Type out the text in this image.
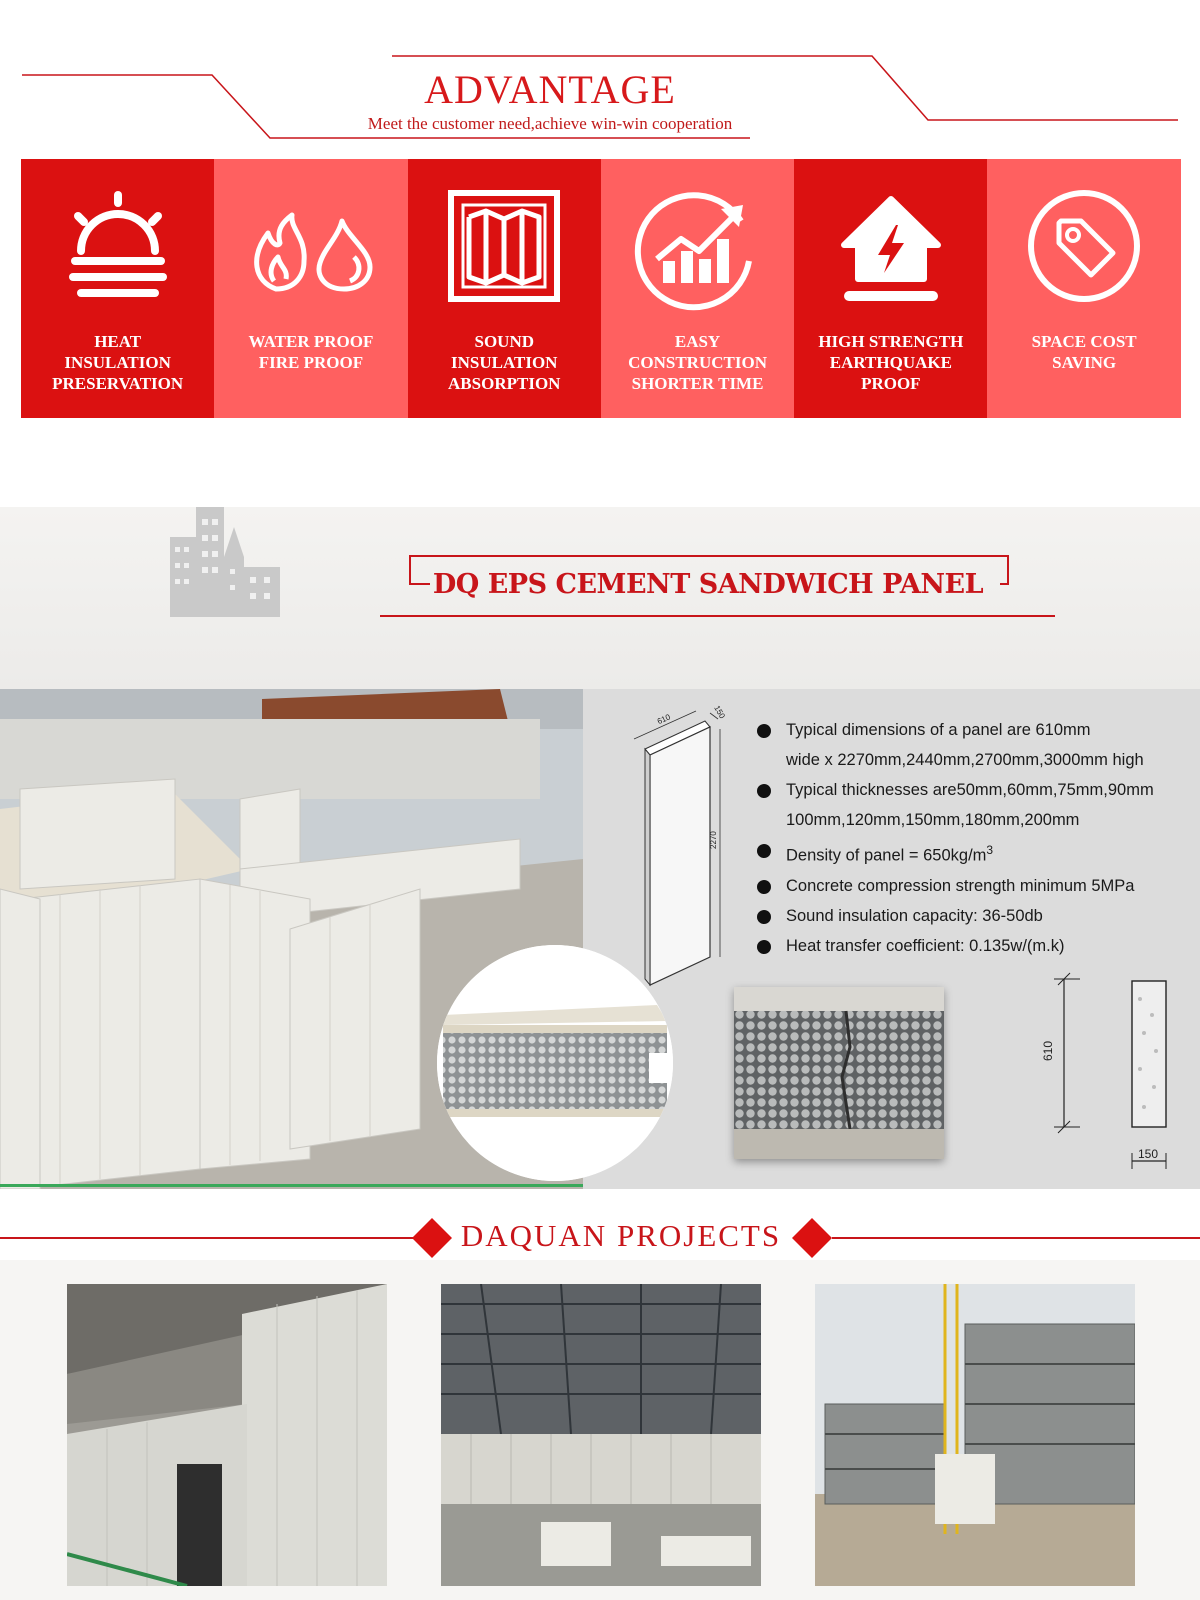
ADVANTAGE
Meet the customer need,achieve win-win cooperation
HEAT
INSULATION
PRESERVATION
WATER PROOF
FIRE PROOF
SOUND
INSULATION
ABSORPTION
EASY
CONSTRUCTION
SHORTER TIME
HIGH STRENGTH
EARTHQUAKE
PROOF
SPACE COST
SAVING
DQ EPS CEMENT SANDWICH PANEL
610	150
2270
Typical dimensions of a panel are 610mm
wide x 2270mm,2440mm,2700mm,3000mm high
Typical thicknesses are50mm,60mm,75mm,90mm
100mm,120mm,150mm,180mm,200mm
Density of panel = $650kg/m^3$
Concrete compression strength minimum 5MPa
Sound insulation capacity: 36-50db
Heat transfer coefficient: 0.135w/(m.k)
610
150
DAQUAN PROJECTS
